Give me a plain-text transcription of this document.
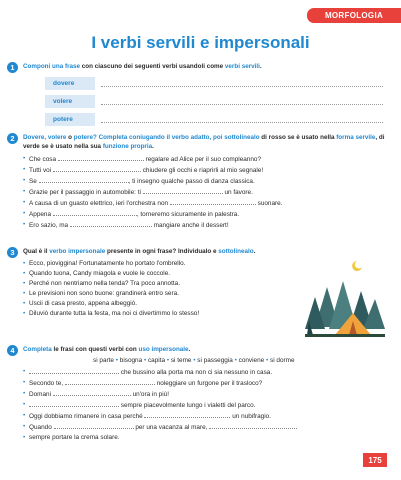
MORFOLOGIA
I verbi servili e impersonali
1	Componi una frase con ciascuno dei seguenti verbi usandoli come verbi servili.
dovere
volere
potere
2	Dovere, volere o potere? Completa coniugando il verbo adatto, poi sottolinealo di rosso se è usato nella forma servile, di verde se è usato nella sua funzione propria.
• Che cosa	regalare ad Alice per il suo compleanno?
• Tutti voi	chiudere gli occhi e riaprirli al mio segnale!
• Se	, ti insegno qualche passo di danza classica.
• Grazie per il passaggio in automobile: ti	un favore.
• A causa di un guasto elettrico, ieri l'orchestra non	suonare.
• Appena	, torneremo sicuramente in palestra.
• Ero sazio, ma	mangiare anche il dessert!
3	Qual è il verbo impersonale presente in ogni frase? Individualo e sottolinealo.
• Ecco, pioviggina! Fortunatamente ho portato l'ombrello.
• Quando tuona, Candy miagola e vuole le coccole.
• Perché non nentriamo nella tenda? Tra poco annotta.
• Le previsioni non sono buone: grandinerà entro sera.
• Uscii di casa presto, appena albeggiò.
• Diluviò durante tutta la festa, ma noi ci divertimmo lo stesso!
4	Completa le frasi con questi verbi con uso impersonale.
si parte • bisogna • capita • si teme • si passeggia • conviene • si dorme
• che bussino alla porta ma non ci sia nessuno in casa.
• Secondo te,	noleggiare un furgone per il trasloco?
• Domani	un'ora in più!
• sempre piacevolmente lungo i vialetti del parco.
• Oggi dobbiamo rimanere in casa perché	un nubifragio.
• Quando	per una vacanza al mare,
• sempre portare la crema solare.
175
